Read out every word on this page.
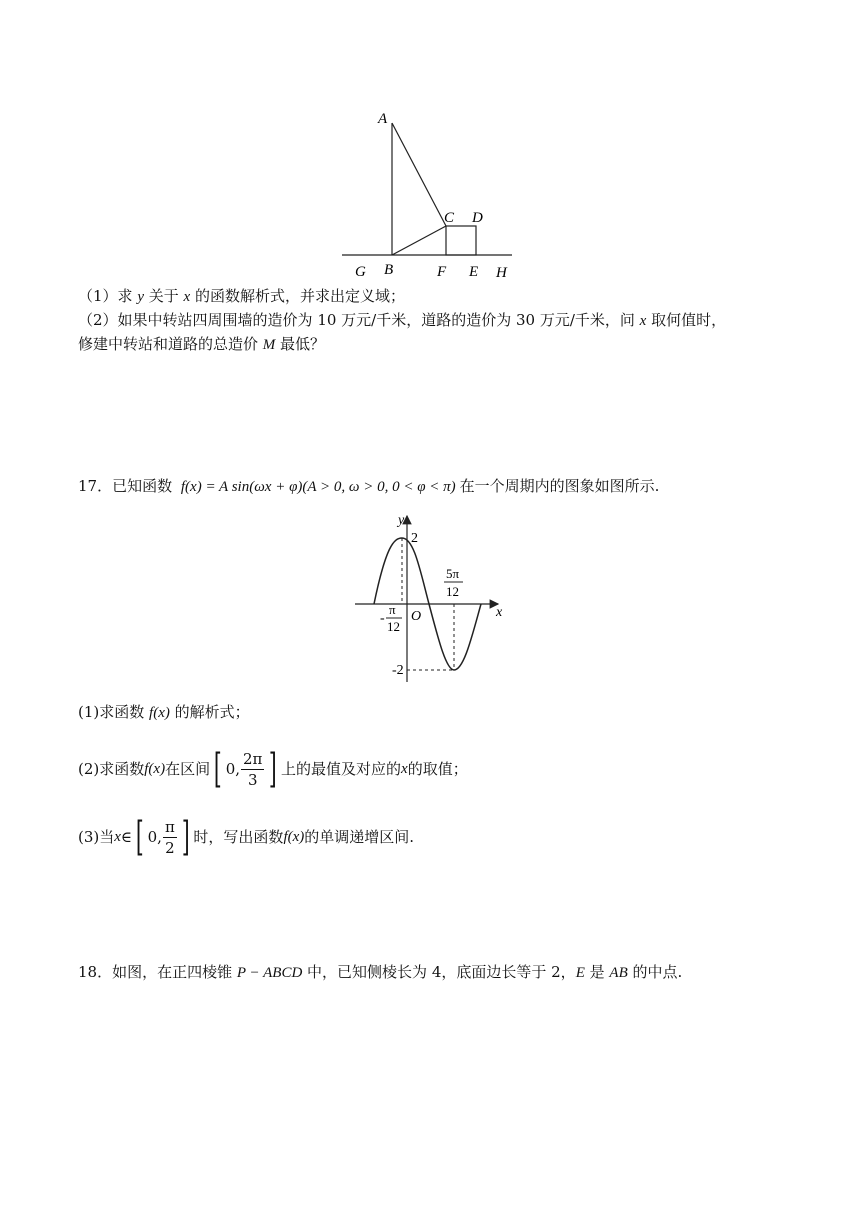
A
C D
G B	F E H
（1）求 y 关于 x 的函数解析式，并求出定义域；
（2）如果中转站四周围墙的造价为 10 万元/千米，道路的造价为 30 万元/千米，问 x 取何值时，
修建中转站和道路的总造价 M 最低？
17．已知函数 f(x) = A sin(ωx + φ)(A > 0, ω > 0, 0 < φ < π) 在一个周期内的图象如图所示.
y
x
O
2
-2
-
π
12
5π
12
(1)求函数 f(x) 的解析式；
(2)求函数 f(x) 在区间 [ 0, $\frac{2\pi}{3}$ ] 上的最值及对应的 x 的取值；
(3)当 x ∈ [ 0, $\frac{\pi}{2}$ ] 时，写出函数 f(x) 的单调递增区间.
18．如图，在正四棱锥 P − ABCD 中，已知侧棱长为 4，底面边长等于 2，E 是 AB 的中点.
